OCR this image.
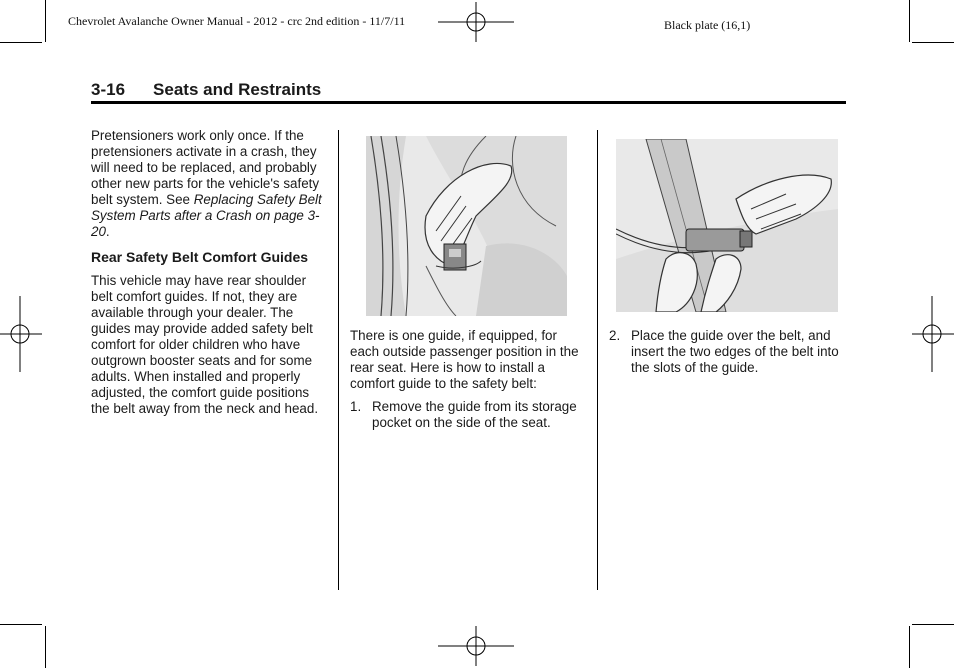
Chevrolet Avalanche Owner Manual - 2012 - crc 2nd edition - 11/7/11	Black plate (16,1)
3-16 Seats and Restraints

Pretensioners work only once. If the pretensioners activate in a crash, they will need to be replaced, and probably other new parts for the vehicle's safety belt system. See Replacing Safety Belt System Parts after a Crash on page 3-20.

Rear Safety Belt Comfort Guides

This vehicle may have rear shoulder belt comfort guides. If not, they are available through your dealer. The guides may provide added safety belt comfort for older children who have outgrown booster seats and for some adults. When installed and properly adjusted, the comfort guide positions the belt away from the neck and head.

There is one guide, if equipped, for each outside passenger position in the rear seat. Here is how to install a comfort guide to the safety belt:

1. Remove the guide from its storage pocket on the side of the seat.

2. Place the guide over the belt, and insert the two edges of the belt into the slots of the guide.
